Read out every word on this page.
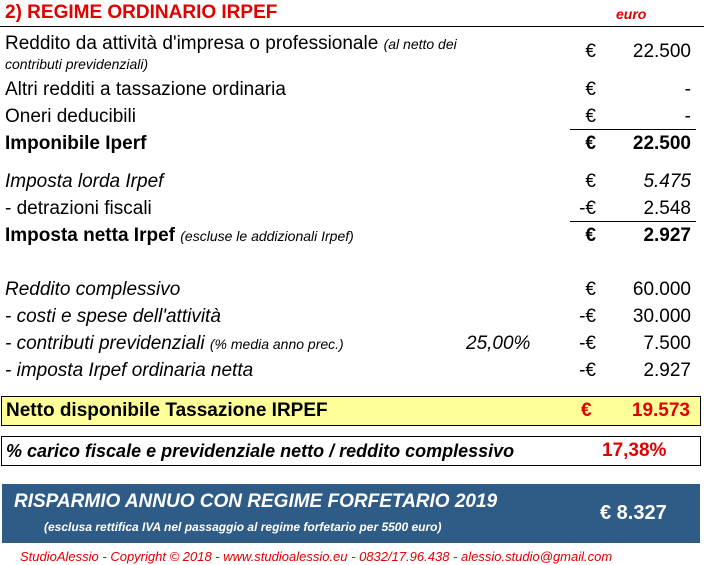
2) REGIME ORDINARIO IRPEF	euro
Reddito da attività d'impresa o professionale (al netto dei	€ 22.500
contributi previdenziali)
Altri redditi a tassazione ordinaria	€	-
Oneri deducibili	€	-
Imponibile Iperf	€ 22.500
Imposta lorda Irpef	€ 5.475
- detrazioni fiscali	-€ 2.548
Imposta netta Irpef (escluse le addizionali Irpef)	€ 2.927
Reddito complessivo	€ 60.000
- costi e spese dell'attività	-€ 30.000
- contributi previdenziali (% media anno prec.)	25,00%	-€ 7.500
- imposta Irpef ordinaria netta	-€ 2.927
Netto disponibile Tassazione IRPEF	€ 19.573
% carico fiscale e previdenziale netto / reddito complessivo	17,38%
RISPARMIO ANNUO CON REGIME FORFETARIO 2019
(esclusa rettifica IVA nel passaggio al regime forfetario per 5500 euro)
€ 8.327
StudioAlessio - Copyright © 2018 - www.studioalessio.eu - 0832/17.96.438 - alessio.studio@gmail.com
